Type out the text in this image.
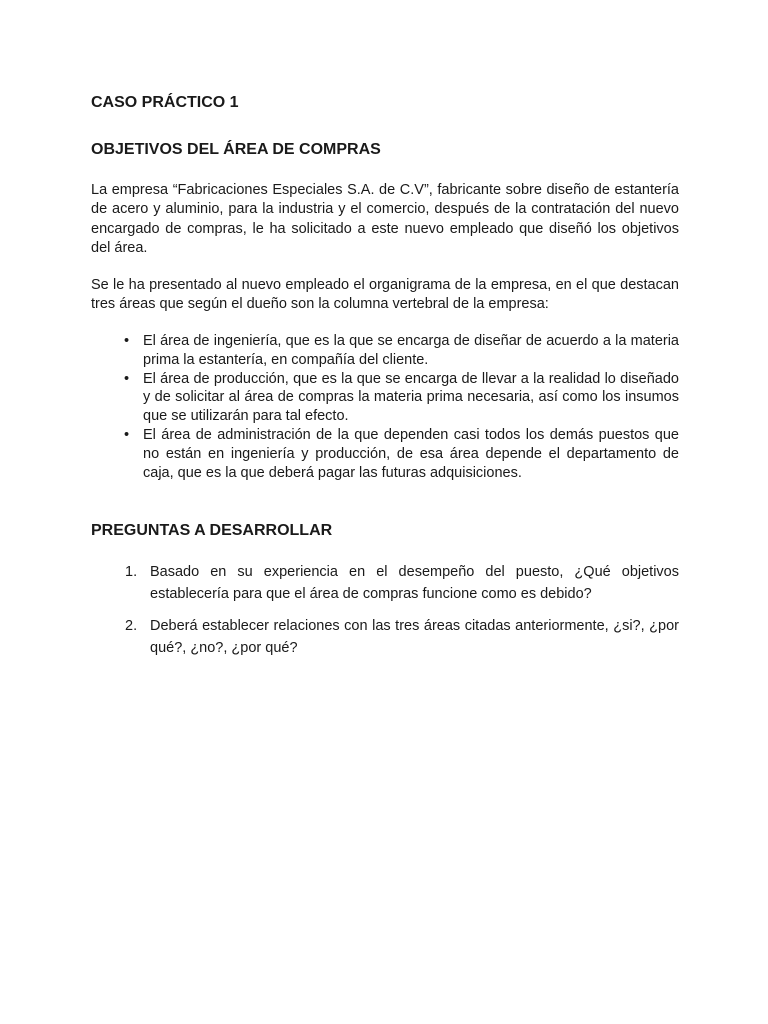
CASO PRÁCTICO 1
OBJETIVOS DEL ÁREA DE COMPRAS

La empresa “Fabricaciones Especiales S.A. de C.V”, fabricante sobre diseño de estantería de acero y aluminio, para la industria y el comercio, después de la contratación del nuevo encargado de compras, le ha solicitado a este nuevo empleado que diseñó los objetivos del área.

Se le ha presentado al nuevo empleado el organigrama de la empresa, en el que destacan tres áreas que según el dueño son la columna vertebral de la empresa:

• El área de ingeniería, que es la que se encarga de diseñar de acuerdo a la materia prima la estantería, en compañía del cliente.
• El área de producción, que es la que se encarga de llevar a la realidad lo diseñado y de solicitar al área de compras la materia prima necesaria, así como los insumos que se utilizarán para tal efecto.
• El área de administración de la que dependen casi todos los demás puestos que no están en ingeniería y producción, de esa área depende el departamento de caja, que es la que deberá pagar las futuras adquisiciones.
PREGUNTAS A DESARROLLAR
1. Basado en su experiencia en el desempeño del puesto, ¿Qué objetivos establecería para que el área de compras funcione como es debido?
2. Deberá establecer relaciones con las tres áreas citadas anteriormente, ¿si?, ¿por qué?, ¿no?, ¿por qué?
